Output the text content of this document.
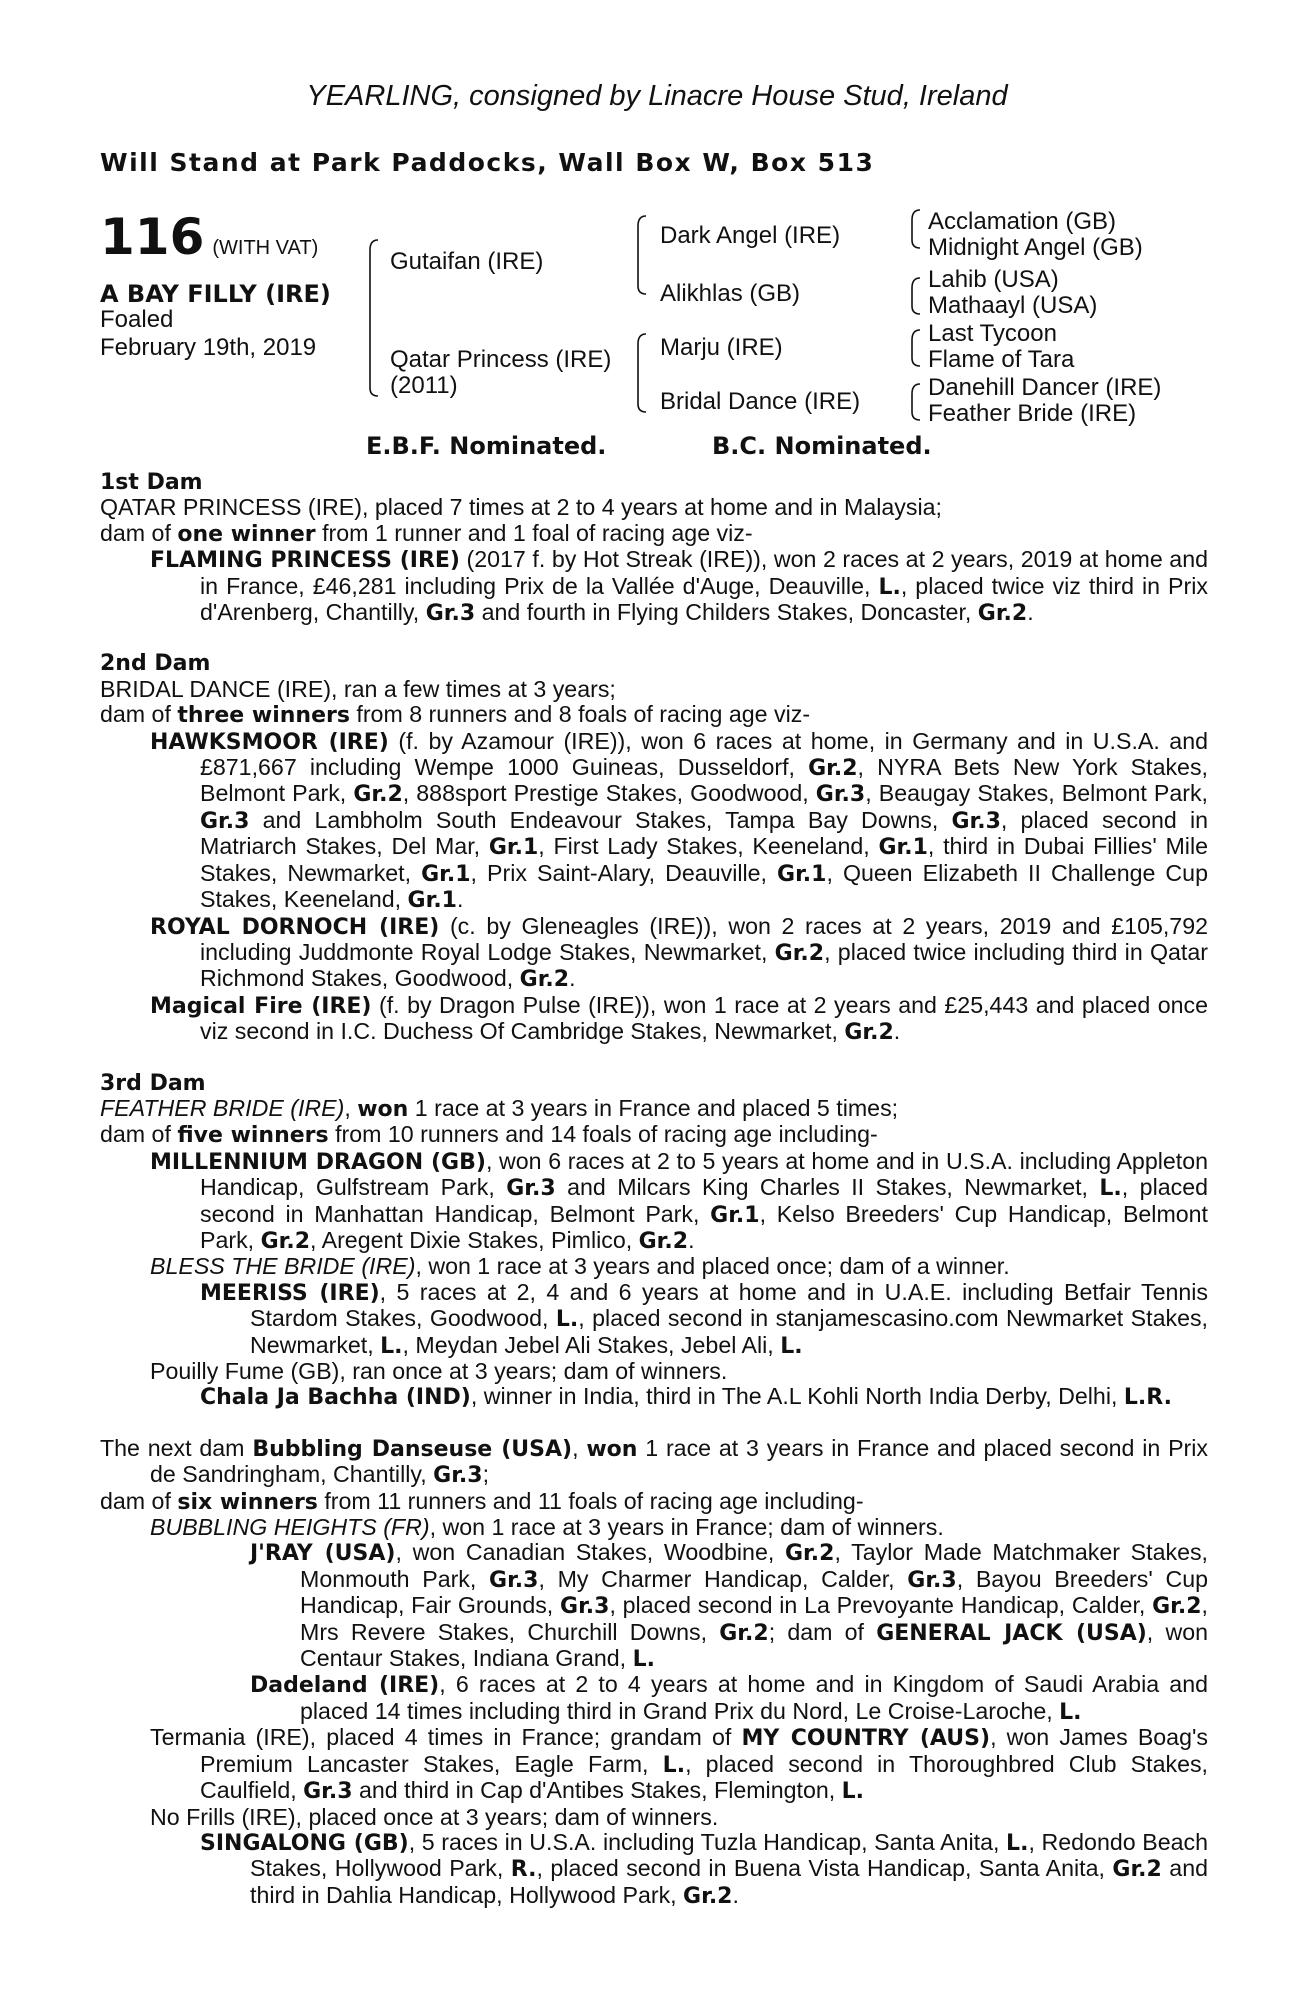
YEARLING, consigned by Linacre House Stud, Ireland
Will Stand at Park Paddocks, Wall Box W, Box 513
116 (WITH VAT)
A BAY FILLY (IRE)
Foaled
February 19th, 2019
Gutaifan (IRE)
Qatar Princess (IRE)
(2011)
Dark Angel (IRE)
Alikhlas (GB)
Marju (IRE)
Bridal Dance (IRE)
Acclamation (GB)
Midnight Angel (GB)
Lahib (USA)
Mathaayl (USA)
Last Tycoon
Flame of Tara
Danehill Dancer (IRE)
Feather Bride (IRE)
E.B.F. Nominated.	B.C. Nominated.

1st Dam

QATAR PRINCESS (IRE), placed 7 times at 2 to 4 years at home and in Malaysia;

dam of one winner from 1 runner and 1 foal of racing age viz-

FLAMING PRINCESS (IRE) (2017 f. by Hot Streak (IRE)), won 2 races at 2 years, 2019 at home and in France, £46,281 including Prix de la Vallée d'Auge, Deauville, L., placed twice viz third in Prix d'Arenberg, Chantilly, Gr.3 and fourth in Flying Childers Stakes, Doncaster, Gr.2.

2nd Dam

BRIDAL DANCE (IRE), ran a few times at 3 years;

dam of three winners from 8 runners and 8 foals of racing age viz-

HAWKSMOOR (IRE) (f. by Azamour (IRE)), won 6 races at home, in Germany and in U.S.A. and £871,667 including Wempe 1000 Guineas, Dusseldorf, Gr.2, NYRA Bets New York Stakes, Belmont Park, Gr.2, 888sport Prestige Stakes, Goodwood, Gr.3, Beaugay Stakes, Belmont Park, Gr.3 and Lambholm South Endeavour Stakes, Tampa Bay Downs, Gr.3, placed second in Matriarch Stakes, Del Mar, Gr.1, First Lady Stakes, Keeneland, Gr.1, third in Dubai Fillies' Mile Stakes, Newmarket, Gr.1, Prix Saint-Alary, Deauville, Gr.1, Queen Elizabeth II Challenge Cup Stakes, Keeneland, Gr.1.

ROYAL DORNOCH (IRE) (c. by Gleneagles (IRE)), won 2 races at 2 years, 2019 and £105,792 including Juddmonte Royal Lodge Stakes, Newmarket, Gr.2, placed twice including third in Qatar Richmond Stakes, Goodwood, Gr.2.

Magical Fire (IRE) (f. by Dragon Pulse (IRE)), won 1 race at 2 years and £25,443 and placed once viz second in I.C. Duchess Of Cambridge Stakes, Newmarket, Gr.2.

3rd Dam

FEATHER BRIDE (IRE), won 1 race at 3 years in France and placed 5 times;

dam of five winners from 10 runners and 14 foals of racing age including-

MILLENNIUM DRAGON (GB), won 6 races at 2 to 5 years at home and in U.S.A. including Appleton Handicap, Gulfstream Park, Gr.3 and Milcars King Charles II Stakes, Newmarket, L., placed second in Manhattan Handicap, Belmont Park, Gr.1, Kelso Breeders' Cup Handicap, Belmont Park, Gr.2, Aregent Dixie Stakes, Pimlico, Gr.2.

BLESS THE BRIDE (IRE), won 1 race at 3 years and placed once; dam of a winner.

MEERISS (IRE), 5 races at 2, 4 and 6 years at home and in U.A.E. including Betfair Tennis Stardom Stakes, Goodwood, L., placed second in stanjamescasino.com Newmarket Stakes, Newmarket, L., Meydan Jebel Ali Stakes, Jebel Ali, L.

Pouilly Fume (GB), ran once at 3 years; dam of winners.

Chala Ja Bachha (IND), winner in India, third in The A.L Kohli North India Derby, Delhi, L.R.

The next dam Bubbling Danseuse (USA), won 1 race at 3 years in France and placed second in Prix de Sandringham, Chantilly, Gr.3;

dam of six winners from 11 runners and 11 foals of racing age including-

BUBBLING HEIGHTS (FR), won 1 race at 3 years in France; dam of winners.

J'RAY (USA), won Canadian Stakes, Woodbine, Gr.2, Taylor Made Matchmaker Stakes, Monmouth Park, Gr.3, My Charmer Handicap, Calder, Gr.3, Bayou Breeders' Cup Handicap, Fair Grounds, Gr.3, placed second in La Prevoyante Handicap, Calder, Gr.2, Mrs Revere Stakes, Churchill Downs, Gr.2; dam of GENERAL JACK (USA), won Centaur Stakes, Indiana Grand, L.

Dadeland (IRE), 6 races at 2 to 4 years at home and in Kingdom of Saudi Arabia and placed 14 times including third in Grand Prix du Nord, Le Croise-Laroche, L.

Termania (IRE), placed 4 times in France; grandam of MY COUNTRY (AUS), won James Boag's Premium Lancaster Stakes, Eagle Farm, L., placed second in Thoroughbred Club Stakes, Caulfield, Gr.3 and third in Cap d'Antibes Stakes, Flemington, L.

No Frills (IRE), placed once at 3 years; dam of winners.

SINGALONG (GB), 5 races in U.S.A. including Tuzla Handicap, Santa Anita, L., Redondo Beach Stakes, Hollywood Park, R., placed second in Buena Vista Handicap, Santa Anita, Gr.2 and third in Dahlia Handicap, Hollywood Park, Gr.2.
